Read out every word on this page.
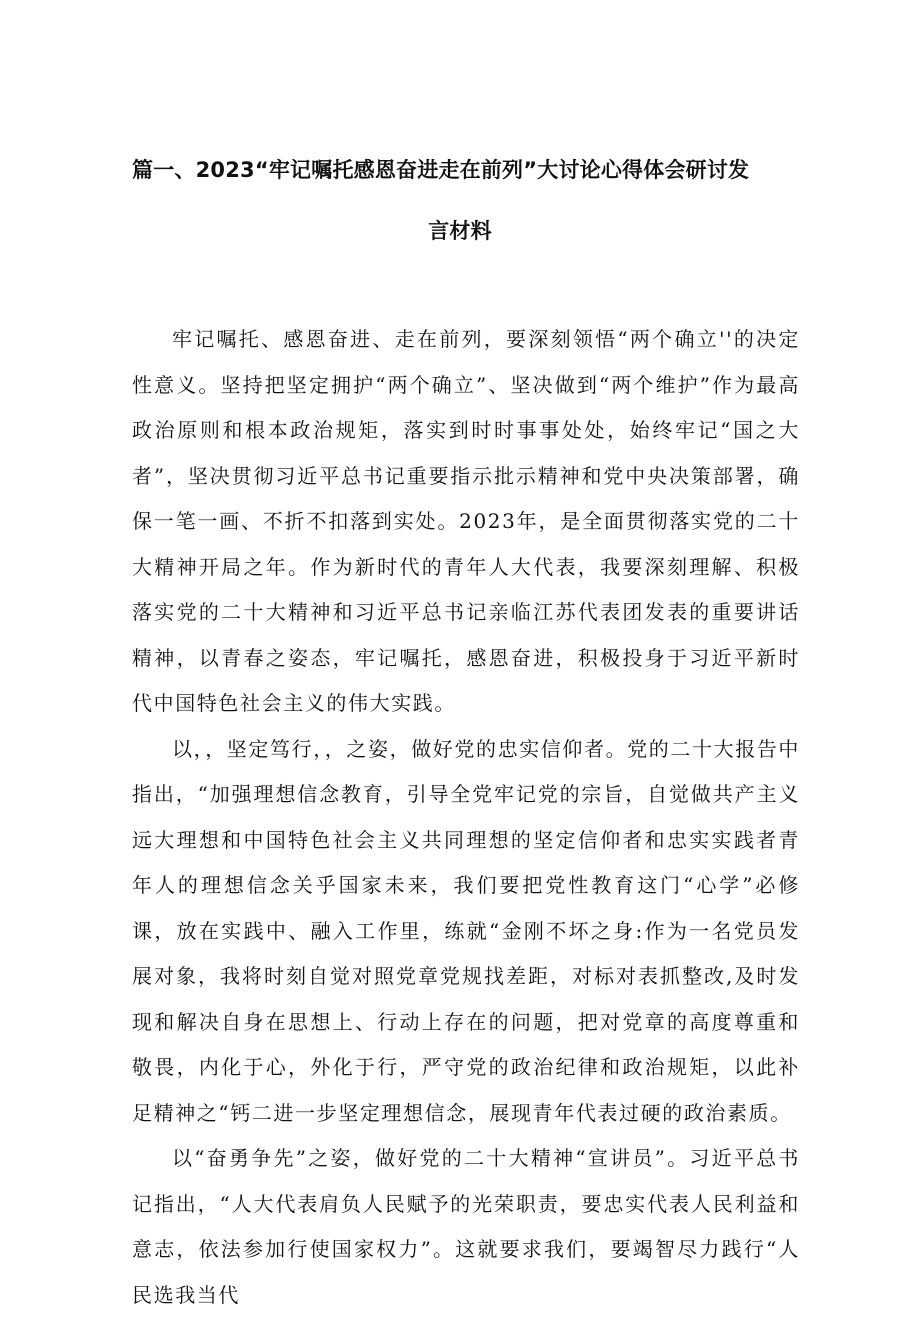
篇一、2023“牢记嘱托感恩奋进走在前列”大讨论心得体会研讨发
言材料

牢记嘱托、感恩奋进、走在前列，要深刻领悟“两个确立''的决定性意义。坚持把坚定拥护“两个确立”、坚决做到“两个维护”作为最高政治原则和根本政治规矩，落实到时时事事处处，始终牢记“国之大者”，坚决贯彻习近平总书记重要指示批示精神和党中央决策部署，确保一笔一画、不折不扣落到实处。2023年，是全面贯彻落实党的二十大精神开局之年。作为新时代的青年人大代表，我要深刻理解、积极落实党的二十大精神和习近平总书记亲临江苏代表团发表的重要讲话精神，以青春之姿态，牢记嘱托，感恩奋进，积极投身于习近平新时代中国特色社会主义的伟大实践。

以，，坚定笃行，，之姿，做好党的忠实信仰者。党的二十大报告中指出，“加强理想信念教育，引导全党牢记党的宗旨，自觉做共产主义远大理想和中国特色社会主义共同理想的坚定信仰者和忠实实践者青年人的理想信念关乎国家未来，我们要把党性教育这门“心学”必修课，放在实践中、融入工作里，练就“金刚不坏之身:作为一名党员发展对象，我将时刻自觉对照党章党规找差距，对标对表抓整改,及时发现和解决自身在思想上、行动上存在的问题，把对党章的高度尊重和敬畏，内化于心，外化于行，严守党的政治纪律和政治规矩，以此补足精神之“钙二进一步坚定理想信念，展现青年代表过硬的政治素质。

以“奋勇争先”之姿，做好党的二十大精神“宣讲员”。习近平总书记指出，“人大代表肩负人民赋予的光荣职责，要忠实代表人民利益和意志，依法参加行使国家权力”。这就要求我们，要竭智尽力践行“人民选我当代
